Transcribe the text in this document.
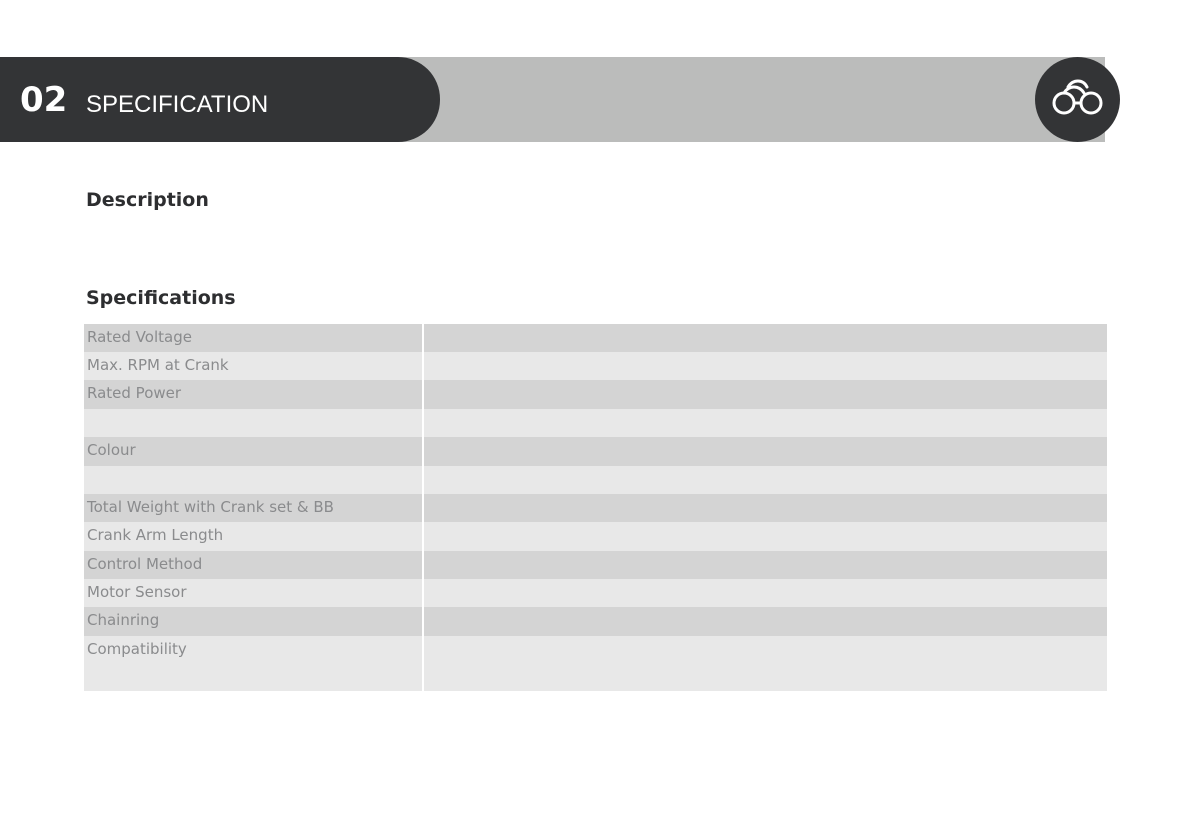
02 SPECIFICATION
Description
Specifications
Rated Voltage
Max. RPM at Crank
Rated Power
Colour
Total Weight with Crank set & BB
Crank Arm Length
Control Method
Motor Sensor
Chainring
Compatibility
